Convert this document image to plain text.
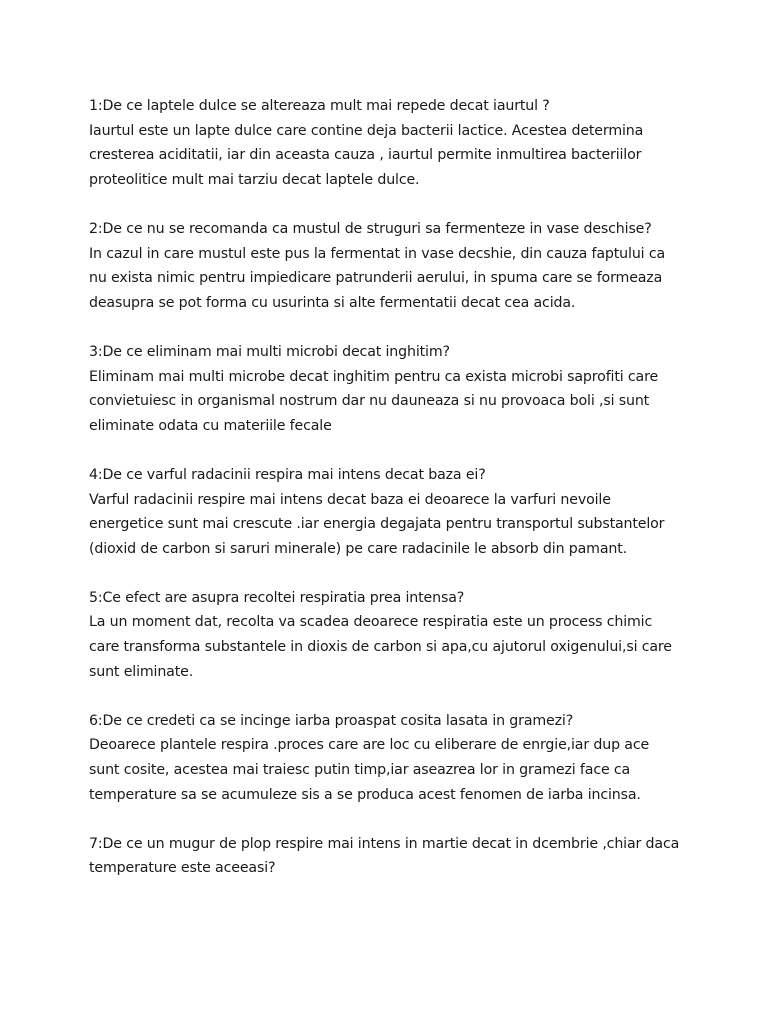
1:De ce laptele dulce se altereaza mult mai repede decat iaurtul ?

Iaurtul este un lapte dulce care contine deja bacterii lactice. Acestea determina

cresterea aciditatii, iar din aceasta cauza , iaurtul permite inmultirea bacteriilor

proteolitice mult mai tarziu decat laptele dulce.

2:De ce nu se recomanda ca mustul de struguri sa fermenteze in vase deschise?

In cazul in care mustul este pus la fermentat in vase decshie, din cauza faptului ca

nu exista nimic pentru impiedicare patrunderii aerului, in spuma care se formeaza

deasupra se pot forma cu usurinta si alte fermentatii decat cea acida.

3:De ce eliminam mai multi microbi decat inghitim?

Eliminam mai multi microbe decat inghitim pentru ca exista microbi saprofiti care

convietuiesc in organismal nostrum dar nu dauneaza si nu provoaca boli ,si sunt

eliminate odata cu materiile fecale

4:De ce varful radacinii respira mai intens decat baza ei?

Varful radacinii respire mai intens decat baza ei deoarece la varfuri nevoile

energetice sunt mai crescute .iar energia degajata pentru transportul substantelor

(dioxid de carbon si saruri minerale) pe care radacinile le absorb din pamant.

5:Ce efect are asupra recoltei respiratia prea intensa?

La un moment dat, recolta va scadea deoarece respiratia este un process chimic

care transforma substantele in dioxis de carbon si apa,cu ajutorul oxigenului,si care

sunt eliminate.

6:De ce credeti ca se incinge iarba proaspat cosita lasata in gramezi?

Deoarece plantele respira .proces care are loc cu eliberare de enrgie,iar dup ace

sunt cosite, acestea mai traiesc putin timp,iar aseazrea lor in gramezi face ca

temperature sa se acumuleze sis a se produca acest fenomen de iarba incinsa.

7:De ce un mugur de plop respire mai intens in martie decat in dcembrie ,chiar daca

temperature este aceeasi?
